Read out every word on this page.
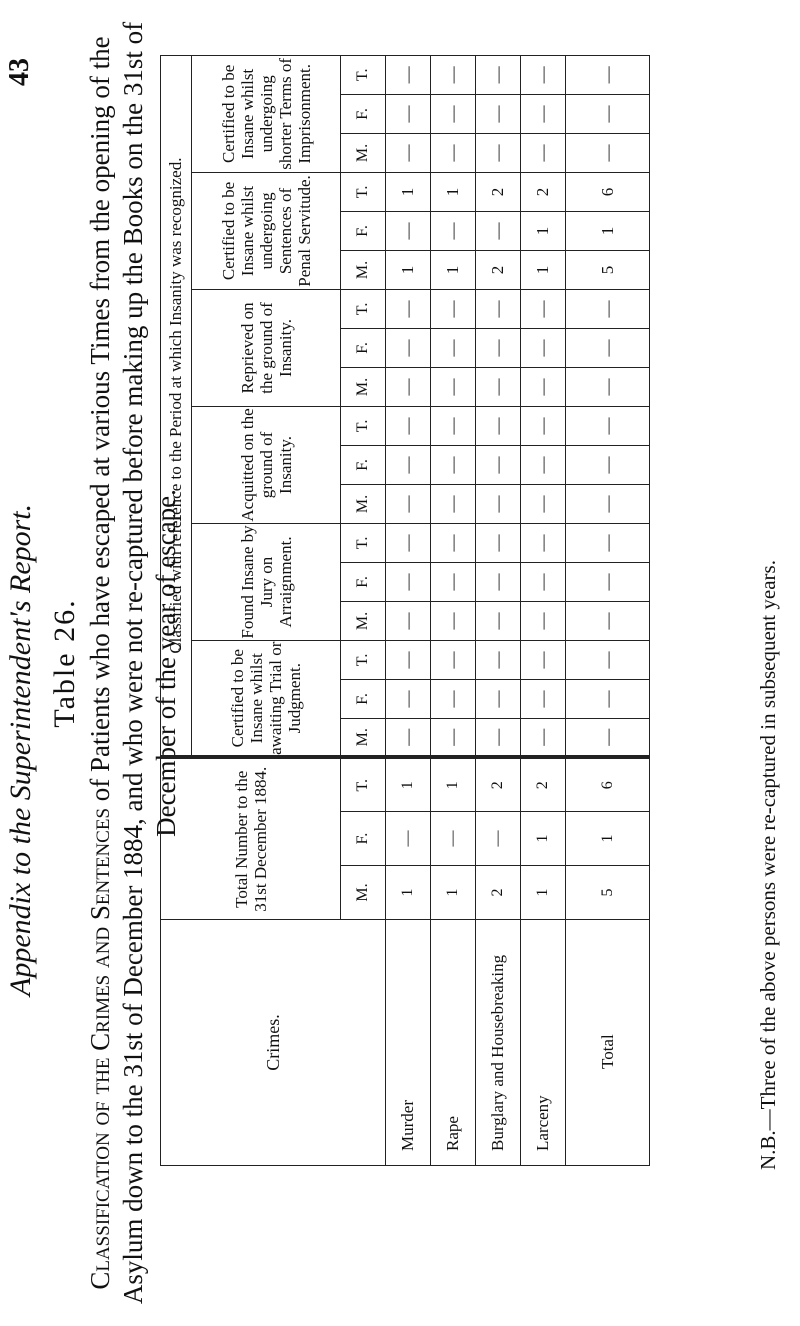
Appendix to the Superintendent's Report.
43
Table 26.
Classification of the Crimes and Sentences of Patients who have escaped at various Times from the opening of the Asylum down to the 31st of December 1884, and who were not re-captured before making up the Books on the 31st of December of the year of escape.
Crimes.	Total Number to the 31st December 1884.			Classified with reference to the Period at which Insanity was recognized.																	
				Certified to be Insane whilst awaiting Trial or Judgment.			Found Insane by Jury on Arraignment.			Acquitted on the ground of Insanity.			Reprieved on the ground of Insanity.			Certified to be Insane whilst undergoing Sentences of Penal Servitude.			Certified to be Insane whilst undergoing shorter Terms of Imprisonment.		
	M.	F.	T.	M.	F.	T.	M.	F.	T.	M.	F.	T.	M.	F.	T.	M.	F.	T.	M.	F.	T.
Murder	1	—	1	—	—	—	—	—	—	—	—	—	—	—	—	1	—	1	—	—	—
Rape	1	—	1	—	—	—	—	—	—	—	—	—	—	—	—	1	—	1	—	—	—
Burglary and Housebreaking	2	—	2	—	—	—	—	—	—	—	—	—	—	—	—	2	—	2	—	—	—
Larceny	1	1	2	—	—	—	—	—	—	—	—	—	—	—	—	1	1	2	—	—	—
Total	5	1	6	—	—	—	—	—	—	—	—	—	—	—	—	5	1	6	—	—	—
N.B.—Three of the above persons were re-captured in subsequent years.
